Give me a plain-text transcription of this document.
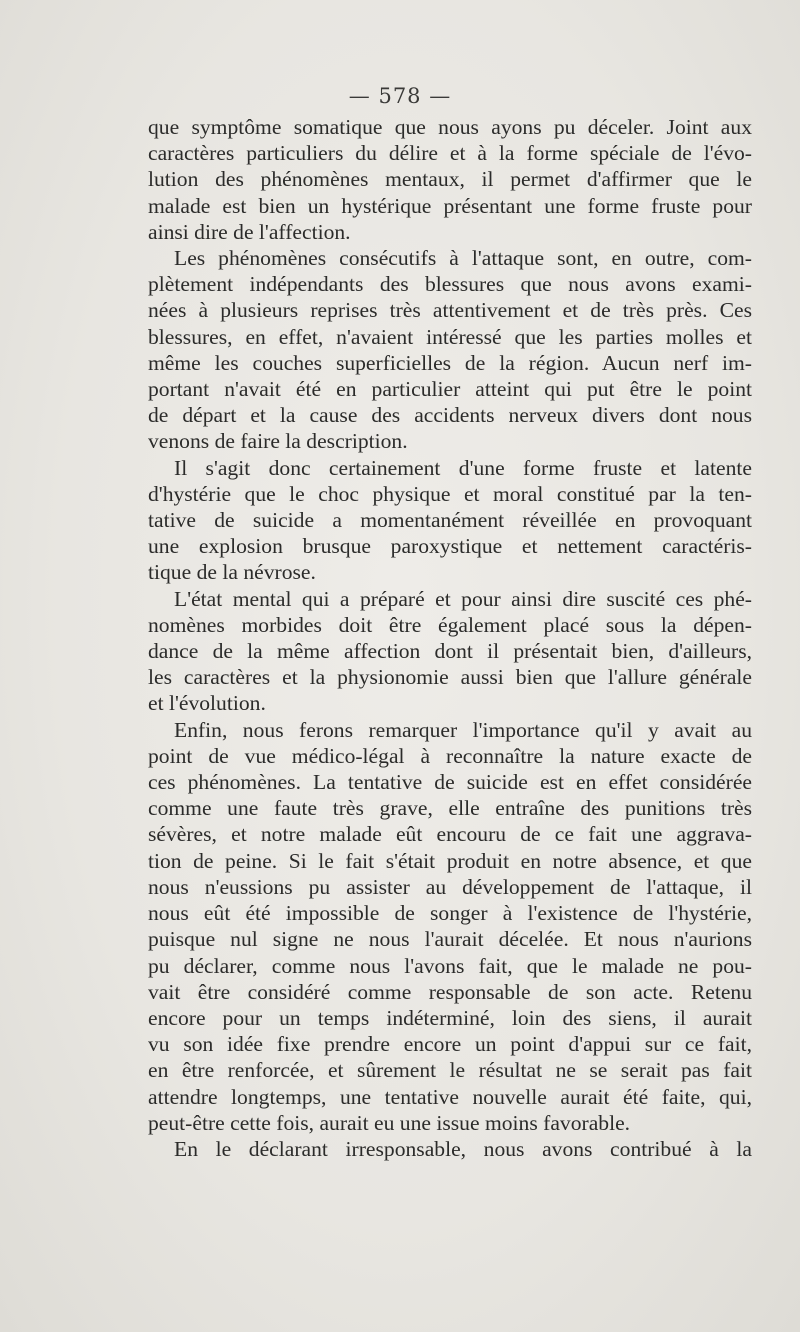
— 578 —

que symptôme somatique que nous ayons pu déceler. Joint aux

caractères particuliers du délire et à la forme spéciale de l'évo-

lution des phénomènes mentaux, il permet d'affirmer que le

malade est bien un hystérique présentant une forme fruste pour

ainsi dire de l'affection.

Les phénomènes consécutifs à l'attaque sont, en outre, com-

plètement indépendants des blessures que nous avons exami-

nées à plusieurs reprises très attentivement et de très près. Ces

blessures, en effet, n'avaient intéressé que les parties molles et

même les couches superficielles de la région. Aucun nerf im-

portant n'avait été en particulier atteint qui put être le point

de départ et la cause des accidents nerveux divers dont nous

venons de faire la description.

Il s'agit donc certainement d'une forme fruste et latente

d'hystérie que le choc physique et moral constitué par la ten-

tative de suicide a momentanément réveillée en provoquant

une explosion brusque paroxystique et nettement caractéris-

tique de la névrose.

L'état mental qui a préparé et pour ainsi dire suscité ces phé-

nomènes morbides doit être également placé sous la dépen-

dance de la même affection dont il présentait bien, d'ailleurs,

les caractères et la physionomie aussi bien que l'allure générale

et l'évolution.

Enfin, nous ferons remarquer l'importance qu'il y avait au

point de vue médico-légal à reconnaître la nature exacte de

ces phénomènes. La tentative de suicide est en effet considérée

comme une faute très grave, elle entraîne des punitions très

sévères, et notre malade eût encouru de ce fait une aggrava-

tion de peine. Si le fait s'était produit en notre absence, et que

nous n'eussions pu assister au développement de l'attaque, il

nous eût été impossible de songer à l'existence de l'hystérie,

puisque nul signe ne nous l'aurait décelée. Et nous n'aurions

pu déclarer, comme nous l'avons fait, que le malade ne pou-

vait être considéré comme responsable de son acte. Retenu

encore pour un temps indéterminé, loin des siens, il aurait

vu son idée fixe prendre encore un point d'appui sur ce fait,

en être renforcée, et sûrement le résultat ne se serait pas fait

attendre longtemps, une tentative nouvelle aurait été faite, qui,

peut-être cette fois, aurait eu une issue moins favorable.

En le déclarant irresponsable, nous avons contribué à la
